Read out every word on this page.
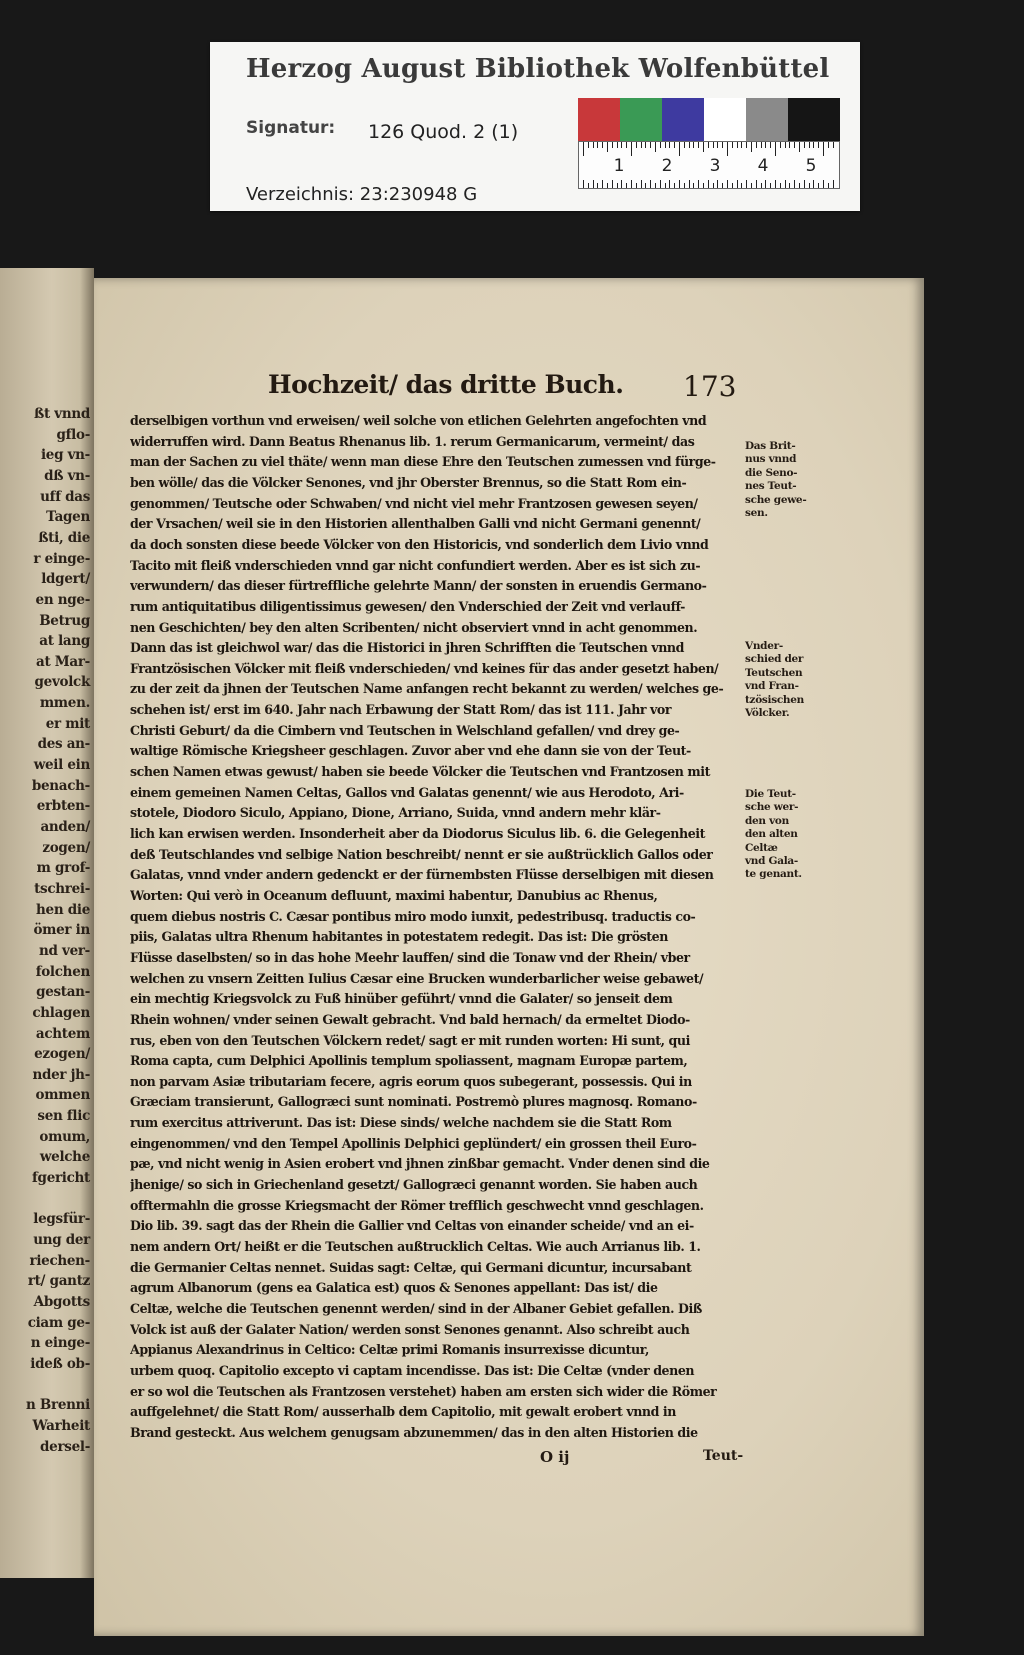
ßt vnnd
gflo-
ieg vn-
dß vn-
uff das
Tagen
ßti, die
r einge-
ldgert/
en nge-
Betrug
at lang
at Mar-
gevolck
mmen.
er mit
des an-
weil ein
benach-
erbten-
anden/
zogen/
m grof-
tschrei-
hen die
ömer in
nd ver-
folchen
gestan-
chlagen
achtem
ezogen/
nder jh-
ommen
sen flic
omum,
welche
fgericht
legsfür-
ung der
riechen-
rt/ gantz
Abgotts
ciam ge-
n einge-
ideß ob-
n Brenni
Warheit
dersel-
Herzog August Bibliothek Wolfenbüttel
Signatur: 126 Quod. 2 (1)
Verzeichnis: 23:230948 G
1 2 3 4 5
Hochzeit/ das dritte Buch. 173
derselbigen vorthun vnd erweisen/ weil solche von etlichen Gelehrten angefochten vnd
widerruffen wird. Dann Beatus Rhenanus lib. 1. rerum Germanicarum, vermeint/ das
man der Sachen zu viel thäte/ wenn man diese Ehre den Teutschen zumessen vnd fürge-
ben wölle/ das die Völcker Senones, vnd jhr Oberster Brennus, so die Statt Rom ein-
genommen/ Teutsche oder Schwaben/ vnd nicht viel mehr Frantzosen gewesen seyen/
der Vrsachen/ weil sie in den Historien allenthalben Galli vnd nicht Germani genennt/
da doch sonsten diese beede Völcker von den Historicis, vnd sonderlich dem Livio vnnd
Tacito mit fleiß vnderschieden vnnd gar nicht confundiert werden. Aber es ist sich zu-
verwundern/ das dieser fürtreffliche gelehrte Mann/ der sonsten in eruendis Germano-
rum antiquitatibus diligentissimus gewesen/ den Vnderschied der Zeit vnd verlauff-
nen Geschichten/ bey den alten Scribenten/ nicht observiert vnnd in acht genommen.
Dann das ist gleichwol war/ das die Historici in jhren Schrifften die Teutschen vnnd
Frantzösischen Völcker mit fleiß vnderschieden/ vnd keines für das ander gesetzt haben/
zu der zeit da jhnen der Teutschen Name anfangen recht bekannt zu werden/ welches ge-
schehen ist/ erst im 640. Jahr nach Erbawung der Statt Rom/ das ist 111. Jahr vor
Christi Geburt/ da die Cimbern vnd Teutschen in Welschland gefallen/ vnd drey ge-
waltige Römische Kriegsheer geschlagen. Zuvor aber vnd ehe dann sie von der Teut-
schen Namen etwas gewust/ haben sie beede Völcker die Teutschen vnd Frantzosen mit
einem gemeinen Namen Celtas, Gallos vnd Galatas genennt/ wie aus Herodoto, Ari-
stotele, Diodoro Siculo, Appiano, Dione, Arriano, Suida, vnnd andern mehr klär-
lich kan erwisen werden. Insonderheit aber da Diodorus Siculus lib. 6. die Gelegenheit
deß Teutschlandes vnd selbige Nation beschreibt/ nennt er sie außtrücklich Gallos oder
Galatas, vnnd vnder andern gedenckt er der fürnembsten Flüsse derselbigen mit diesen
Worten: Qui verò in Oceanum defluunt, maximi habentur, Danubius ac Rhenus,
quem diebus nostris C. Cæsar pontibus miro modo iunxit, pedestribusq. traductis co-
piis, Galatas ultra Rhenum habitantes in potestatem redegit. Das ist: Die grösten
Flüsse daselbsten/ so in das hohe Meehr lauffen/ sind die Tonaw vnd der Rhein/ vber
welchen zu vnsern Zeitten Iulius Cæsar eine Brucken wunderbarlicher weise gebawet/
ein mechtig Kriegsvolck zu Fuß hinüber geführt/ vnnd die Galater/ so jenseit dem
Rhein wohnen/ vnder seinen Gewalt gebracht. Vnd bald hernach/ da ermeltet Diodo-
rus, eben von den Teutschen Völckern redet/ sagt er mit runden worten: Hi sunt, qui
Roma capta, cum Delphici Apollinis templum spoliassent, magnam Europæ partem,
non parvam Asiæ tributariam fecere, agris eorum quos subegerant, possessis. Qui in
Græciam transierunt, Gallogræci sunt nominati. Postremò plures magnosq. Romano-
rum exercitus attriverunt. Das ist: Diese sinds/ welche nachdem sie die Statt Rom
eingenommen/ vnd den Tempel Apollinis Delphici geplündert/ ein grossen theil Euro-
pæ, vnd nicht wenig in Asien erobert vnd jhnen zinßbar gemacht. Vnder denen sind die
jhenige/ so sich in Griechenland gesetzt/ Gallogræci genannt worden. Sie haben auch
offtermahln die grosse Kriegsmacht der Römer trefflich geschwecht vnnd geschlagen.
Dio lib. 39. sagt das der Rhein die Gallier vnd Celtas von einander scheide/ vnd an ei-
nem andern Ort/ heißt er die Teutschen außtrucklich Celtas. Wie auch Arrianus lib. 1.
die Germanier Celtas nennet. Suidas sagt: Celtæ, qui Germani dicuntur, incursabant
agrum Albanorum (gens ea Galatica est) quos & Senones appellant: Das ist/ die
Celtæ, welche die Teutschen genennt werden/ sind in der Albaner Gebiet gefallen. Diß
Volck ist auß der Galater Nation/ werden sonst Senones genannt. Also schreibt auch
Appianus Alexandrinus in Celtico: Celtæ primi Romanis insurrexisse dicuntur,
urbem quoq. Capitolio excepto vi captam incendisse. Das ist: Die Celtæ (vnder denen
er so wol die Teutschen als Frantzosen verstehet) haben am ersten sich wider die Römer
auffgelehnet/ die Statt Rom/ ausserhalb dem Capitolio, mit gewalt erobert vnnd in
Brand gesteckt. Aus welchem genugsam abzunemmen/ das in den alten Historien die
Das Brit-
nus vnnd
die Seno-
nes Teut-
sche gewe-
sen.
Vnder-
schied der
Teutschen
vnd Fran-
tzösischen
Völcker.
Die Teut-
sche wer-
den von
den alten
Celtæ
vnd Gala-
te genant.
O ij	Teut-
